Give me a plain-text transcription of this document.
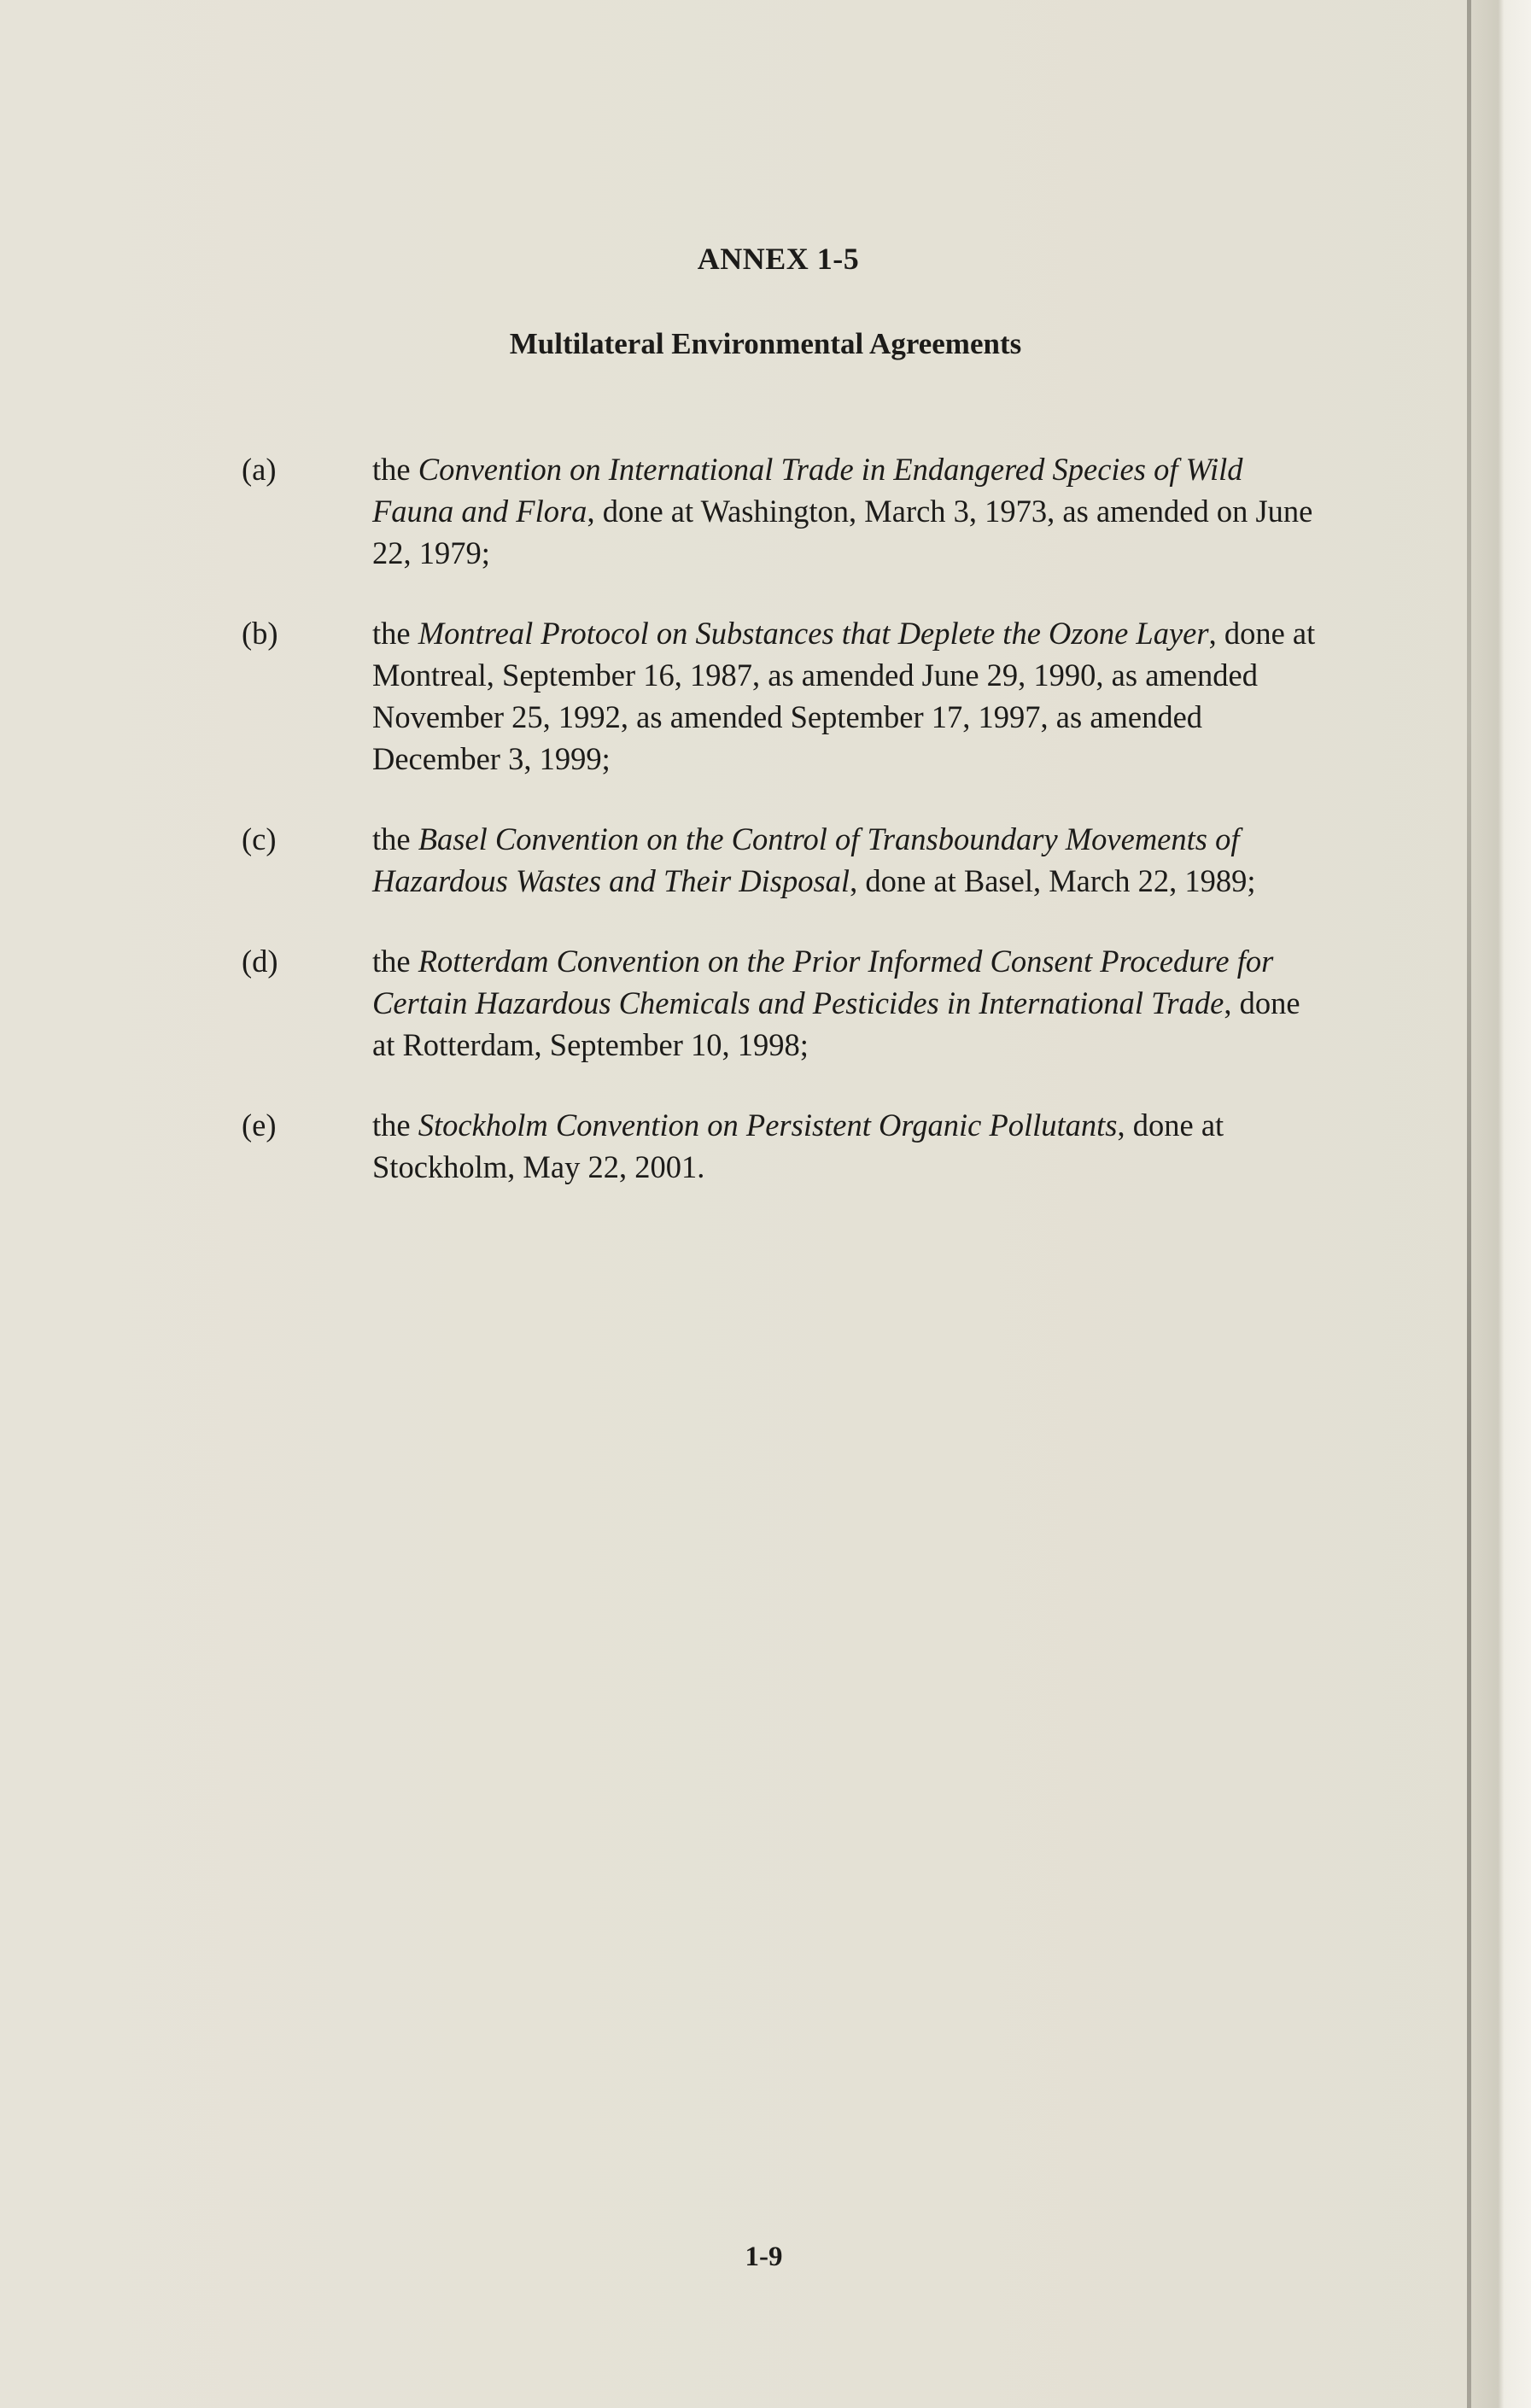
ANNEX 1-5
Multilateral Environmental Agreements
(a)	the Convention on International Trade in Endangered Species of Wild Fauna and Flora, done at Washington, March 3, 1973, as amended on June 22, 1979;
(b)	the Montreal Protocol on Substances that Deplete the Ozone Layer, done at Montreal, September 16, 1987, as amended June 29, 1990, as amended November 25, 1992, as amended September 17, 1997, as amended December 3, 1999;
(c)	the Basel Convention on the Control of Transboundary Movements of Hazardous Wastes and Their Disposal, done at Basel, March 22, 1989;
(d)	the Rotterdam Convention on the Prior Informed Consent Procedure for Certain Hazardous Chemicals and Pesticides in International Trade, done at Rotterdam, September 10, 1998;
(e)	the Stockholm Convention on Persistent Organic Pollutants, done at Stockholm, May 22, 2001.
1-9
